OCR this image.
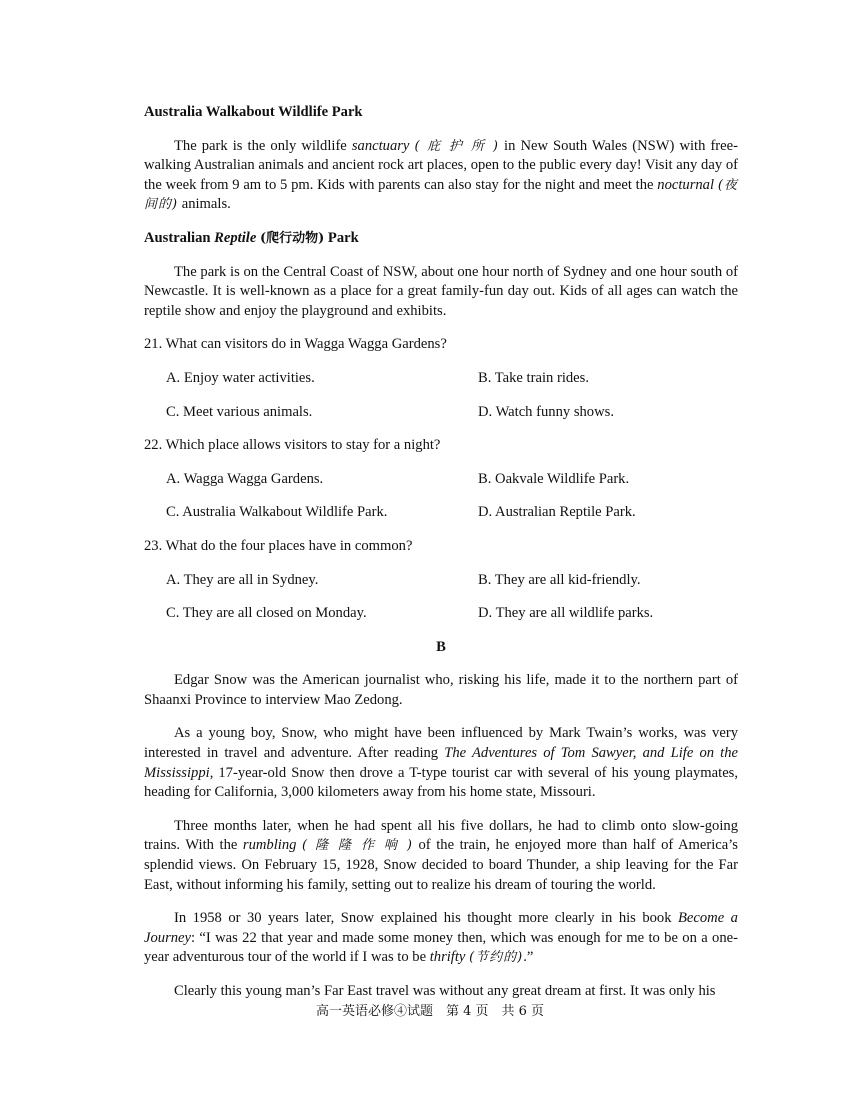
Australia Walkabout Wildlife Park

The park is the only wildlife sanctuary ( 庇 护 所 ) in New South Wales (NSW) with free-walking Australian animals and ancient rock art places, open to the public every day! Visit any day of the week from 9 am to 5 pm. Kids with parents can also stay for the night and meet the nocturnal (夜间的) animals.

Australian Reptile (爬行动物) Park

The park is on the Central Coast of NSW, about one hour north of Sydney and one hour south of Newcastle. It is well-known as a place for a great family-fun day out. Kids of all ages can watch the reptile show and enjoy the playground and exhibits.

21. What can visitors do in Wagga Wagga Gardens?
A. Enjoy water activities.	B. Take train rides.
C. Meet various animals.	D. Watch funny shows.
22. Which place allows visitors to stay for a night?
A. Wagga Wagga Gardens.	B. Oakvale Wildlife Park.
C. Australia Walkabout Wildlife Park.	D. Australian Reptile Park.
23. What do the four places have in common?
A. They are all in Sydney.	B. They are all kid-friendly.
C. They are all closed on Monday.	D. They are all wildlife parks.
B

Edgar Snow was the American journalist who, risking his life, made it to the northern part of Shaanxi Province to interview Mao Zedong.

As a young boy, Snow, who might have been influenced by Mark Twain’s works, was very interested in travel and adventure. After reading The Adventures of Tom Sawyer, and Life on the Mississippi, 17-year-old Snow then drove a T-type tourist car with several of his young playmates, heading for California, 3,000 kilometers away from his home state, Missouri.

Three months later, when he had spent all his five dollars, he had to climb onto slow-going trains. With the rumbling ( 隆 隆 作 响 ) of the train, he enjoyed more than half of America’s splendid views. On February 15, 1928, Snow decided to board Thunder, a ship leaving for the Far East, without informing his family, setting out to realize his dream of touring the world.

In 1958 or 30 years later, Snow explained his thought more clearly in his book Become a Journey: “I was 22 that year and made some money then, which was enough for me to be on a one-year adventurous tour of the world if I was to be thrifty (节约的).”

Clearly this young man’s Far East travel was without any great dream at first. It was only his

高一英语必修④试题　第 4 页　共 6 页
